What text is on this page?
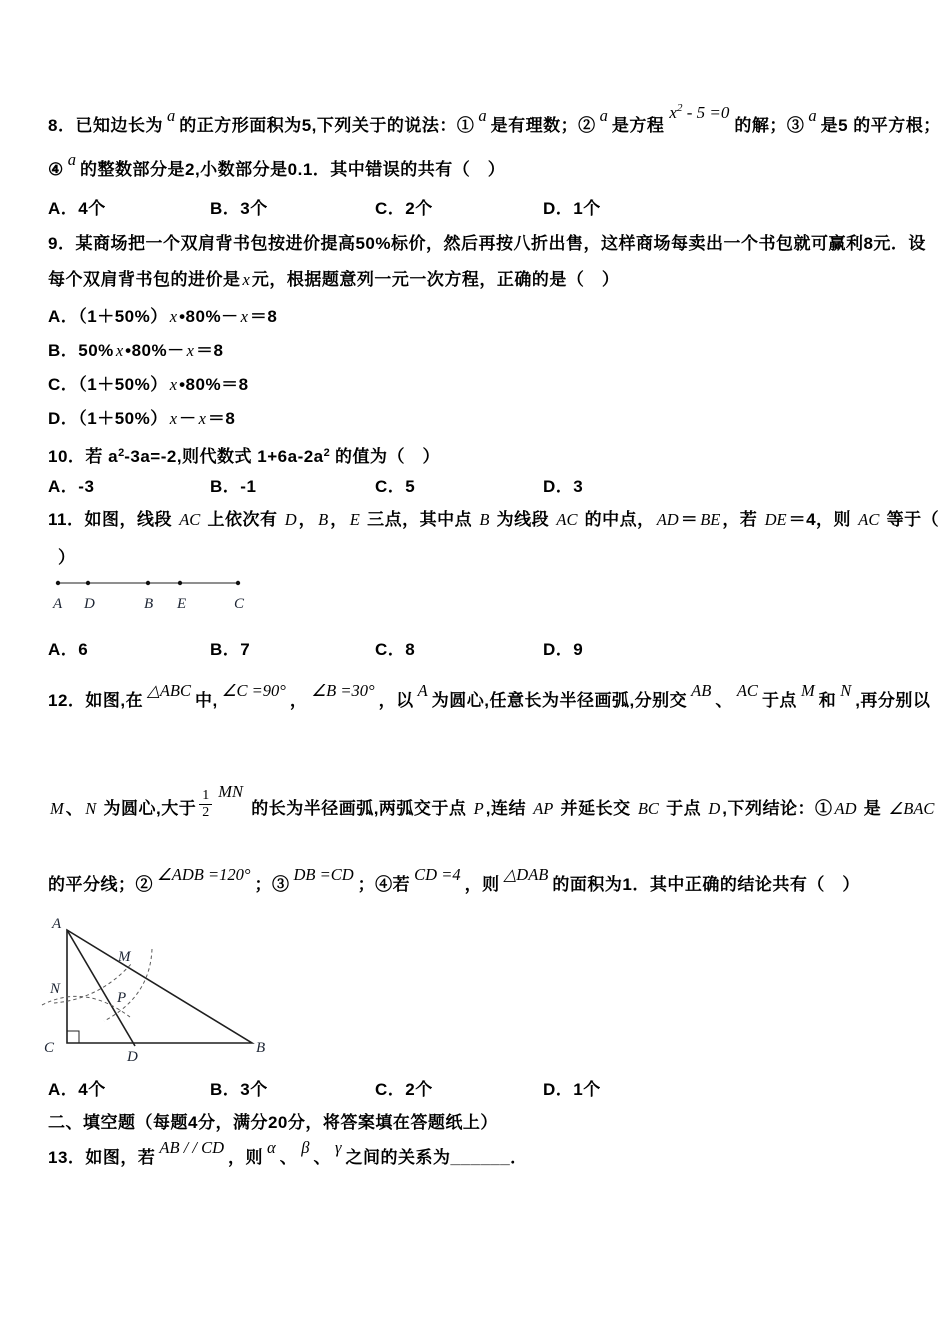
8．已知边长为a的正方形面积为5,下列关于的说法：①a是有理数；②a是方程$x^2 - 5 =0$的解；③a是5 的平方根；
④a的整数部分是2,小数部分是0.1．其中错误的共有（　）
A．4个	B．3个	C．2个	D．1个
9．某商场把一个双肩背书包按进价提高50%标价，然后再按八折出售，这样商场每卖出一个书包就可赢利8元．设
每个双肩背书包的进价是 x 元，根据题意列一元一次方程，正确的是（　）
A．（1＋50%） x •80%－ x ＝8
B．50% x •80%－ x ＝8
C．（1＋50%） x •80%＝8
D．（1＋50%） x － x ＝8
10．若 $a^2-3a=-2$,则代数式 $1+6a-2a^2$ 的值为（　）
A．-3	B．-1	C．5	D．3
11．如图，线段 AC 上依次有 D ， B ， E 三点，其中点 B 为线段 AC 的中点， AD ＝ BE ，若 DE ＝4，则 AC 等于（
）
A D	B E	C
A．6	B．7	C．8	D．9
12．如图,在△ABC中,∠C =90°，∠B =30°，以A为圆心,任意长为半径画弧,分别交AB、AC于点M和N,再分别以
M 、 N 为圆心,大于 $\frac{1}{2}$ MN 的长为半径画弧,两弧交于点 P ,连结 AP 并延长交 BC 于点 D ,下列结论：① AD 是 ∠BAC
的平分线；②∠ADB =120°；③DB =CD；④若CD =4，则△DAB的面积为1．其中正确的结论共有（　）
A
C	B
D
M
N
P
A．4个	B．3个	C．2个	D．1个
二、填空题（每题4分，满分20分，将答案填在答题纸上）
13．如图，若AB / / CD，则α、β、γ之间的关系为______．
